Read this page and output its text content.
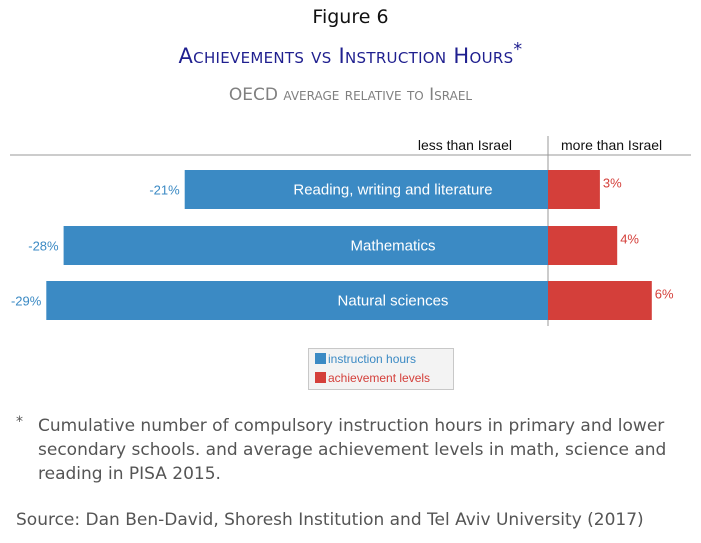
Figure 6
Achievements vs Instruction Hours*
OECD average relative to Israel
less than Israel	more than Israel
-21%	3%
Reading, writing and literature
-28%	4%
Mathematics
-29%	6%
Natural sciences
instruction hours
achievement levels
* Cumulative number of compulsory instruction hours in primary and lower secondary schools. and average achievement levels in math, science and reading in PISA 2015.
Source: Dan Ben-David, Shoresh Institution and Tel Aviv University (2017)
